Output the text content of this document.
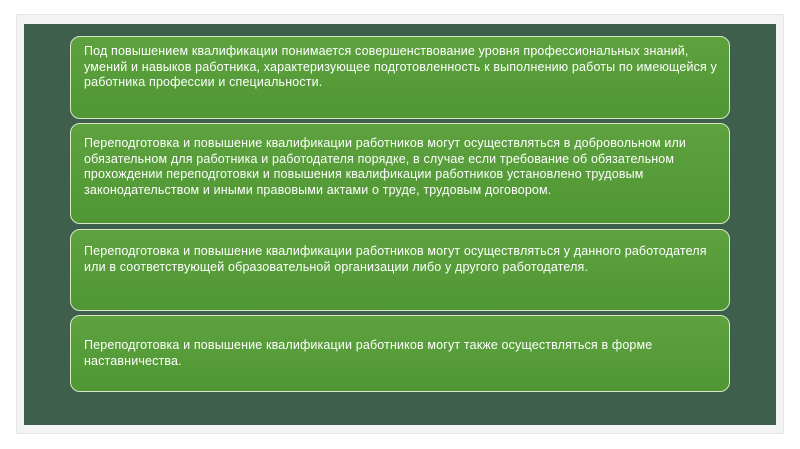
Под повышением квалификации понимается совершенствование уровня профессиональных знаний, умений и навыков работника, характеризующее подготовленность к выполнению работы по имеющейся у работника профессии и специальности.
Переподготовка и повышение квалификации работников могут осуществляться в добровольном или обязательном для работника и работодателя порядке, в случае если требование об обязательном прохождении переподготовки и повышения квалификации работников установлено трудовым законодательством и иными правовыми актами о труде, трудовым договором.
Переподготовка и повышение квалификации работников могут осуществляться у данного работодателя или в соответствующей образовательной организации либо у другого работодателя.
Переподготовка и повышение квалификации работников могут также осуществляться в форме наставничества.
